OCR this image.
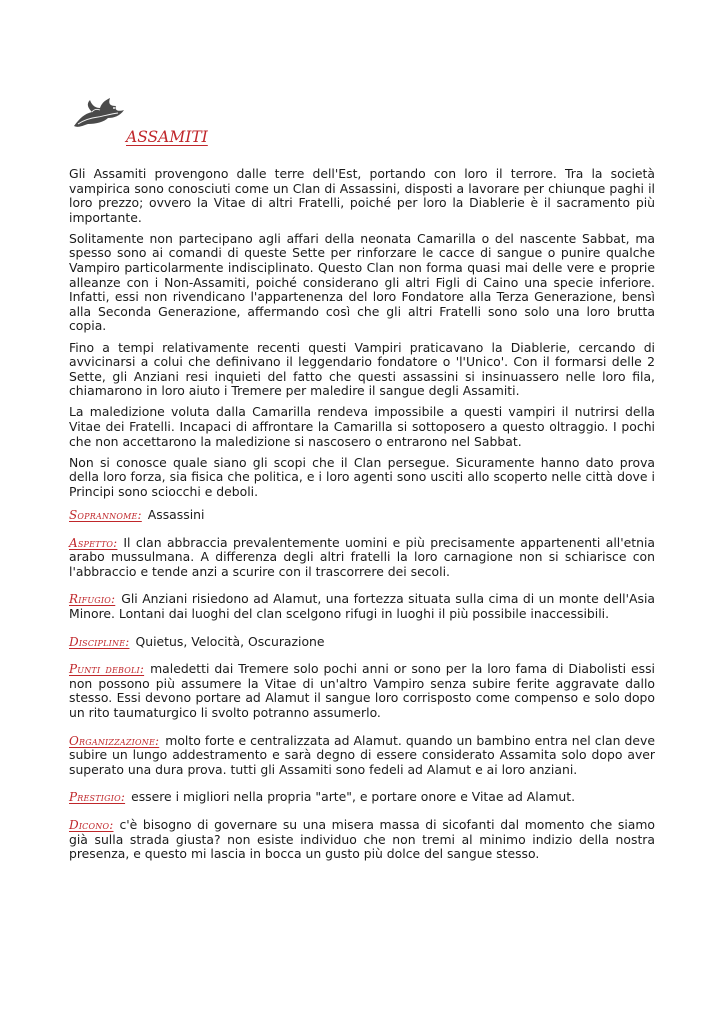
ASSAMITI

Gli Assamiti provengono dalle terre dell'Est, portando con loro il terrore. Tra la società vampirica sono conosciuti come un Clan di Assassini, disposti a lavorare per chiunque paghi il loro prezzo; ovvero la Vitae di altri Fratelli, poiché per loro la Diablerie è il sacramento più importante.

Solitamente non partecipano agli affari della neonata Camarilla o del nascente Sabbat, ma spesso sono ai comandi di queste Sette per rinforzare le cacce di sangue o punire qualche Vampiro particolarmente indisciplinato. Questo Clan non forma quasi mai delle vere e proprie alleanze con i Non-Assamiti, poiché considerano gli altri Figli di Caino una specie inferiore. Infatti, essi non rivendicano l'appartenenza del loro Fondatore alla Terza Generazione, bensì alla Seconda Generazione, affermando così che gli altri Fratelli sono solo una loro brutta copia.

Fino a tempi relativamente recenti questi Vampiri praticavano la Diablerie, cercando di avvicinarsi a colui che definivano il leggendario fondatore o 'l'Unico'. Con il formarsi delle 2 Sette, gli Anziani resi inquieti del fatto che questi assassini si insinuassero nelle loro fila, chiamarono in loro aiuto i Tremere per maledire il sangue degli Assamiti.

La maledizione voluta dalla Camarilla rendeva impossibile a questi vampiri il nutrirsi della Vitae dei Fratelli. Incapaci di affrontare la Camarilla si sottoposero a questo oltraggio. I pochi che non accettarono la maledizione si nascosero o entrarono nel Sabbat.

Non si conosce quale siano gli scopi che il Clan persegue. Sicuramente hanno dato prova della loro forza, sia fisica che politica, e i loro agenti sono usciti allo scoperto nelle città dove i Principi sono sciocchi e deboli.

Soprannome: Assassini

Aspetto: Il clan abbraccia prevalentemente uomini e più precisamente appartenenti all'etnia arabo mussulmana. A differenza degli altri fratelli la loro carnagione non si schiarisce con l'abbraccio e tende anzi a scurire con il trascorrere dei secoli.

Rifugio: Gli Anziani risiedono ad Alamut, una fortezza situata sulla cima di un monte dell'Asia Minore. Lontani dai luoghi del clan scelgono rifugi in luoghi il più possibile inaccessibili.

Discipline: Quietus, Velocità, Oscurazione

Punti deboli: maledetti dai Tremere solo pochi anni or sono per la loro fama di Diabolisti essi non possono più assumere la Vitae di un'altro Vampiro senza subire ferite aggravate dallo stesso. Essi devono portare ad Alamut il sangue loro corrisposto come compenso e solo dopo un rito taumaturgico li svolto potranno assumerlo.

Organizzazione: molto forte e centralizzata ad Alamut. quando un bambino entra nel clan deve subire un lungo addestramento e sarà degno di essere considerato Assamita solo dopo aver superato una dura prova. tutti gli Assamiti sono fedeli ad Alamut e ai loro anziani.

Prestigio: essere i migliori nella propria "arte", e portare onore e Vitae ad Alamut.

Dicono: c'è bisogno di governare su una misera massa di sicofanti dal momento che siamo già sulla strada giusta? non esiste individuo che non tremi al minimo indizio della nostra presenza, e questo mi lascia in bocca un gusto più dolce del sangue stesso.
